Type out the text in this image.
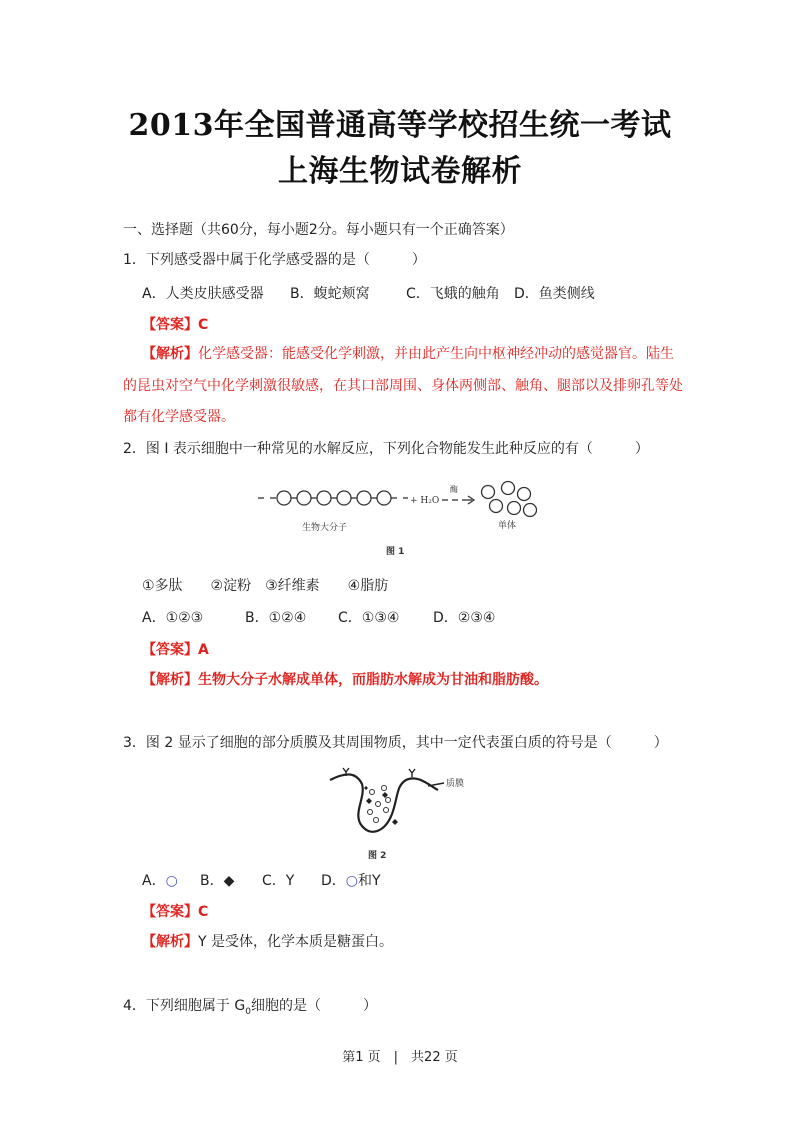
2013年全国普通高等学校招生统一考试
上海生物试卷解析
一、选择题（共60分，每小题2分。每小题只有一个正确答案）
1．下列感受器中属于化学感受器的是（　　　）
A．人类皮肤感受器 B．蝮蛇颊窝	C．飞蛾的触角 D．鱼类侧线
【答案】C
【解析】化学感受器：能感受化学刺激，并由此产生向中枢神经冲动的感觉器官。陆生
的昆虫对空气中化学刺激很敏感，在其口部周围、身体两侧部、触角、腿部以及排卵孔等处
都有化学感受器。
2．图 I 表示细胞中一种常见的水解反应，下列化合物能发生此种反应的有（　　　）
+ H₂O
酶
生物大分子	单体
图 1
①多肽　　②淀粉　③纤维素　　④脂肪
A．①②③	B．①②④ C．①③④ D．②③④
【答案】A
【解析】生物大分子水解成单体，而脂肪水解成为甘油和脂肪酸。
3．图 2 显示了细胞的部分质膜及其周围物质，其中一定代表蛋白质的符号是（　　　）
质膜
图 2
A．○ B．◆ C．Y D．○和Y
【答案】C
【解析】Y 是受体，化学本质是糖蛋白。
4．下列细胞属于 $G_0$细胞的是（　　　）
第1 页　|　共22 页
